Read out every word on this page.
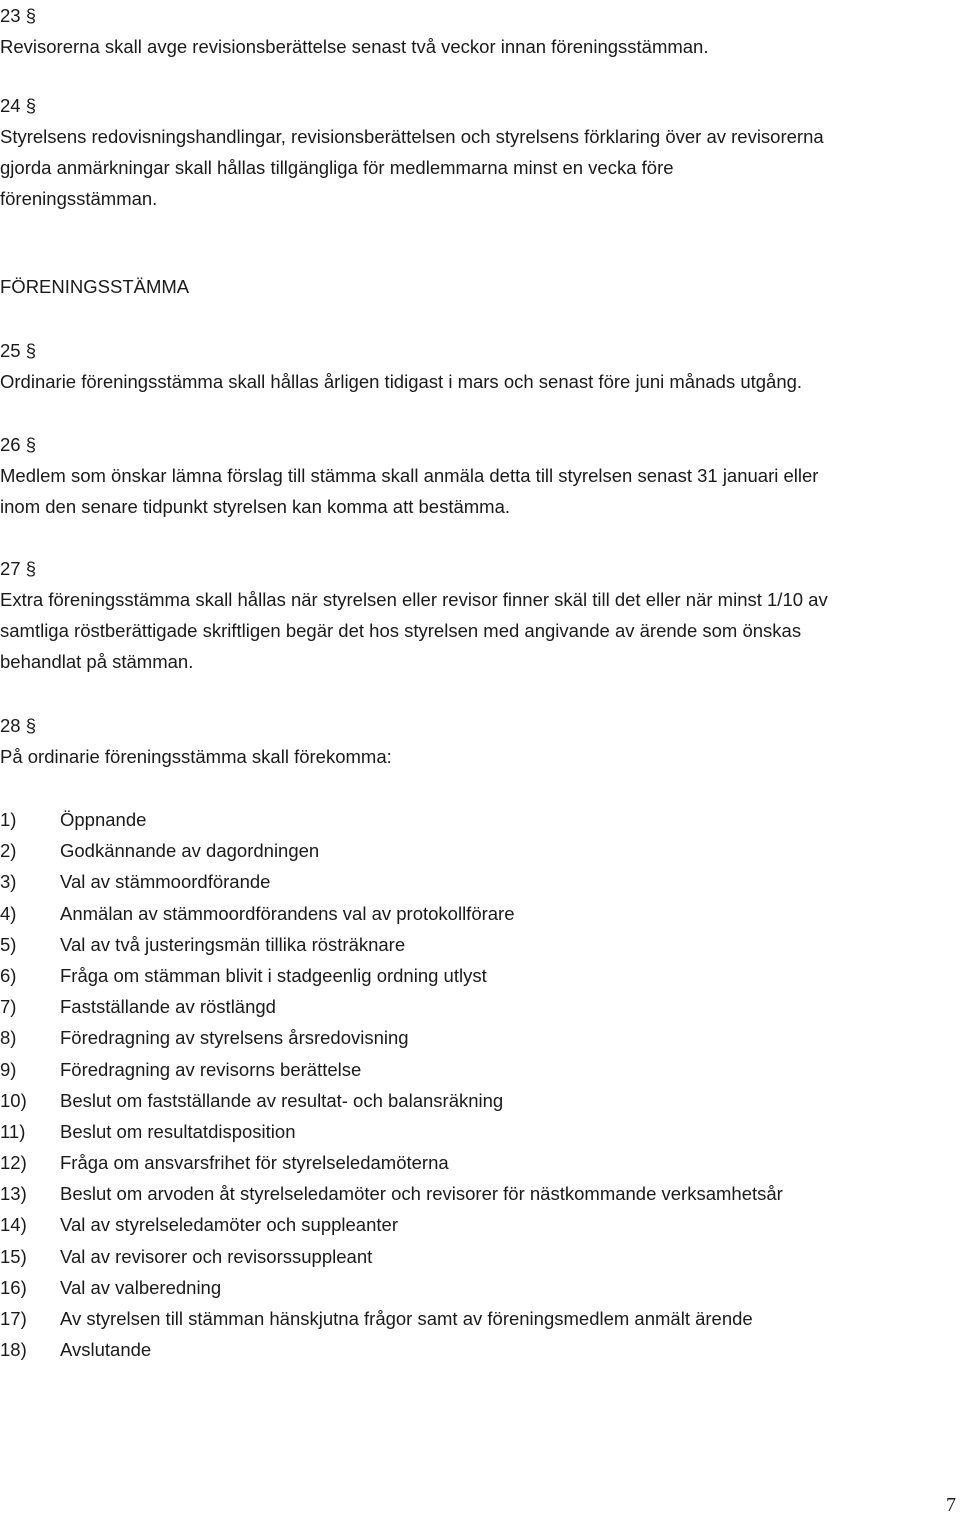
23 §

Revisorerna skall avge revisionsberättelse senast två veckor innan föreningsstämman.

24 §

Styrelsens redovisningshandlingar, revisionsberättelsen och styrelsens förklaring över av revisorerna

gjorda anmärkningar skall hållas tillgängliga för medlemmarna minst en vecka före

föreningsstämman.

FÖRENINGSSTÄMMA

25 §

Ordinarie föreningsstämma skall hållas årligen tidigast i mars och senast före juni månads utgång.

26 §

Medlem som önskar lämna förslag till stämma skall anmäla detta till styrelsen senast 31 januari eller

inom den senare tidpunkt styrelsen kan komma att bestämma.

27 §

Extra föreningsstämma skall hållas när styrelsen eller revisor finner skäl till det eller när minst 1/10 av

samtliga röstberättigade skriftligen begär det hos styrelsen med angivande av ärende som önskas

behandlat på stämman.

28 §

På ordinarie föreningsstämma skall förekomma:

1)	Öppnande
2)	Godkännande av dagordningen
3)	Val av stämmoordförande
4)	Anmälan av stämmoordförandens val av protokollförare
5)	Val av två justeringsmän tillika rösträknare
6)	Fråga om stämman blivit i stadgeenlig ordning utlyst
7)	Fastställande av röstlängd
8)	Föredragning av styrelsens årsredovisning
9)	Föredragning av revisorns berättelse
10)	Beslut om fastställande av resultat- och balansräkning
11)	Beslut om resultatdisposition
12)	Fråga om ansvarsfrihet för styrelseledamöterna
13)	Beslut om arvoden åt styrelseledamöter och revisorer för nästkommande verksamhetsår
14)	Val av styrelseledamöter och suppleanter
15)	Val av revisorer och revisorssuppleant
16)	Val av valberedning
17)	Av styrelsen till stämman hänskjutna frågor samt av föreningsmedlem anmält ärende
18)	Avslutande
7
